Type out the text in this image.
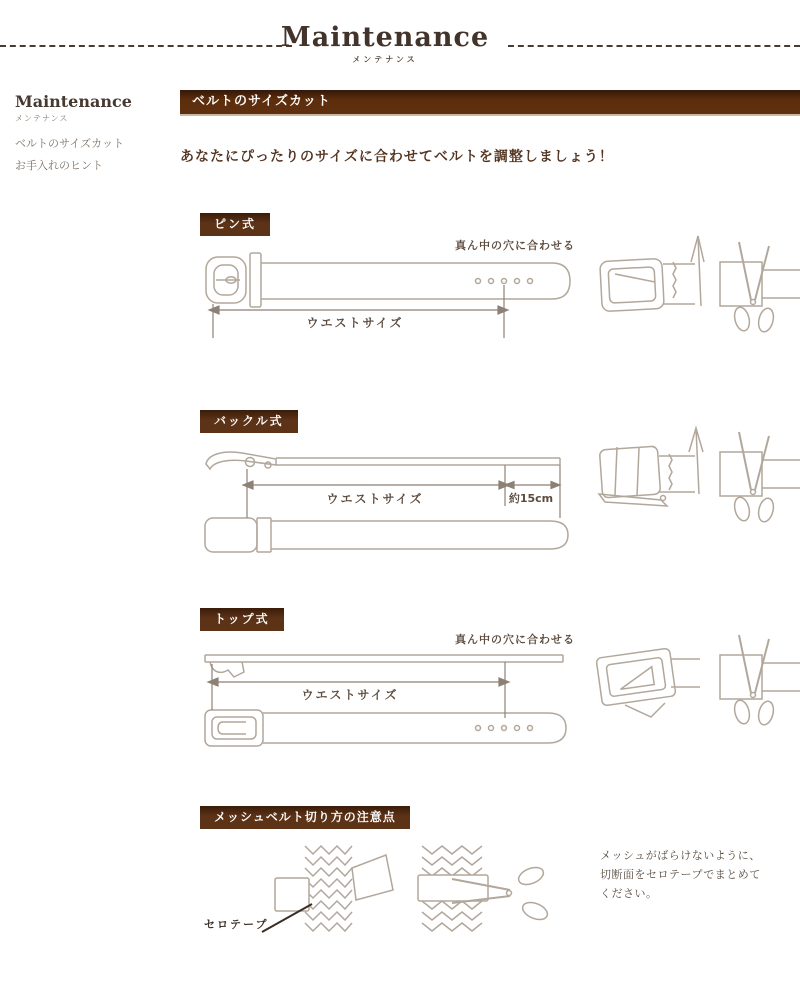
Maintenance
メンテナンス
Maintenance
メンテナンス
ベルトのサイズカット
お手入れのヒント
ベルトのサイズカット
あなたにぴったりのサイズに合わせてベルトを調整しましょう！
ピン式
真ん中の穴に合わせる
ウエストサイズ
バックル式
ウエストサイズ	約15cm
トップ式
真ん中の穴に合わせる
ウエストサイズ
メッシュベルト切り方の注意点
セロテープ
メッシュがばらけないように、
切断面をセロテープでまとめて
ください。
